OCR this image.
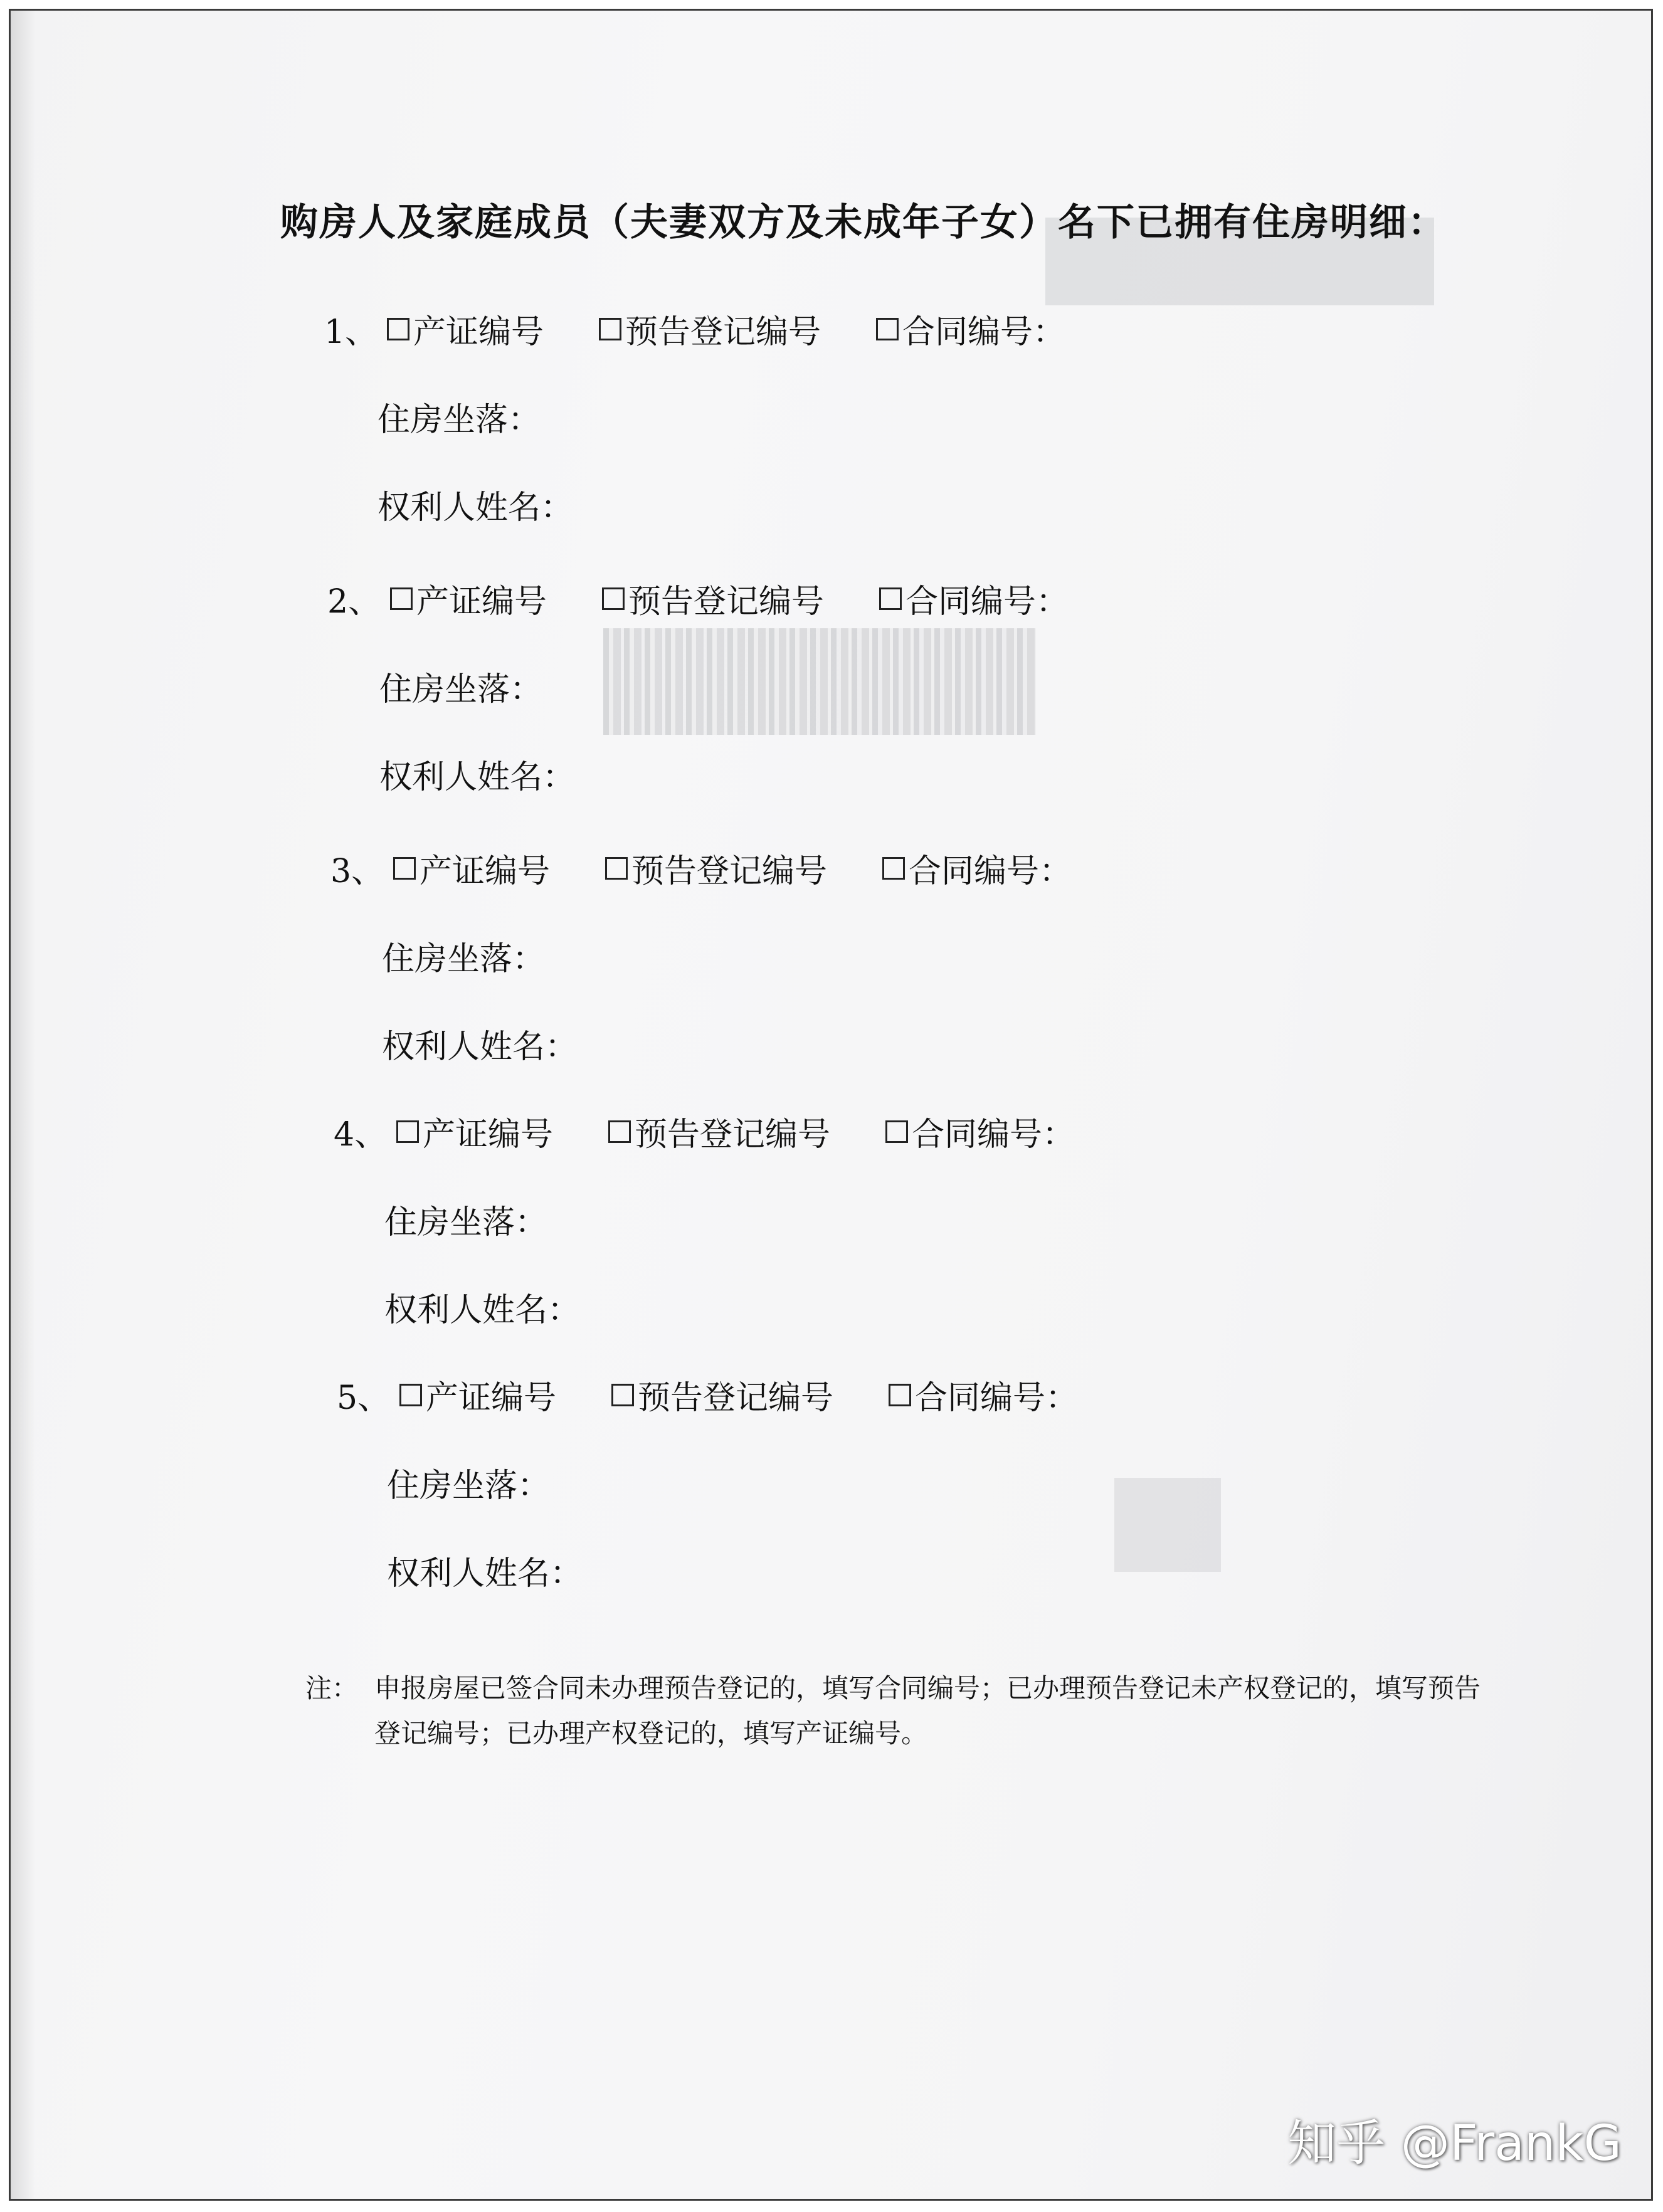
购房人及家庭成员（夫妻双方及未成年子女）名下已拥有住房明细：
1、 产证编号	预告登记编号	合同编号：
住房坐落：
权利人姓名：
2、 产证编号	预告登记编号	合同编号：
住房坐落：
权利人姓名：
3、 产证编号	预告登记编号	合同编号：
住房坐落：
权利人姓名：
4、 产证编号	预告登记编号	合同编号：
住房坐落：
权利人姓名：
5、 产证编号	预告登记编号	合同编号：
住房坐落：
权利人姓名：
注： 申报房屋已签合同未办理预告登记的，填写合同编号；已办理预告登记未产权登记的，填写预告登记编号；已办理产权登记的，填写产证编号。
知乎 @FrankG
